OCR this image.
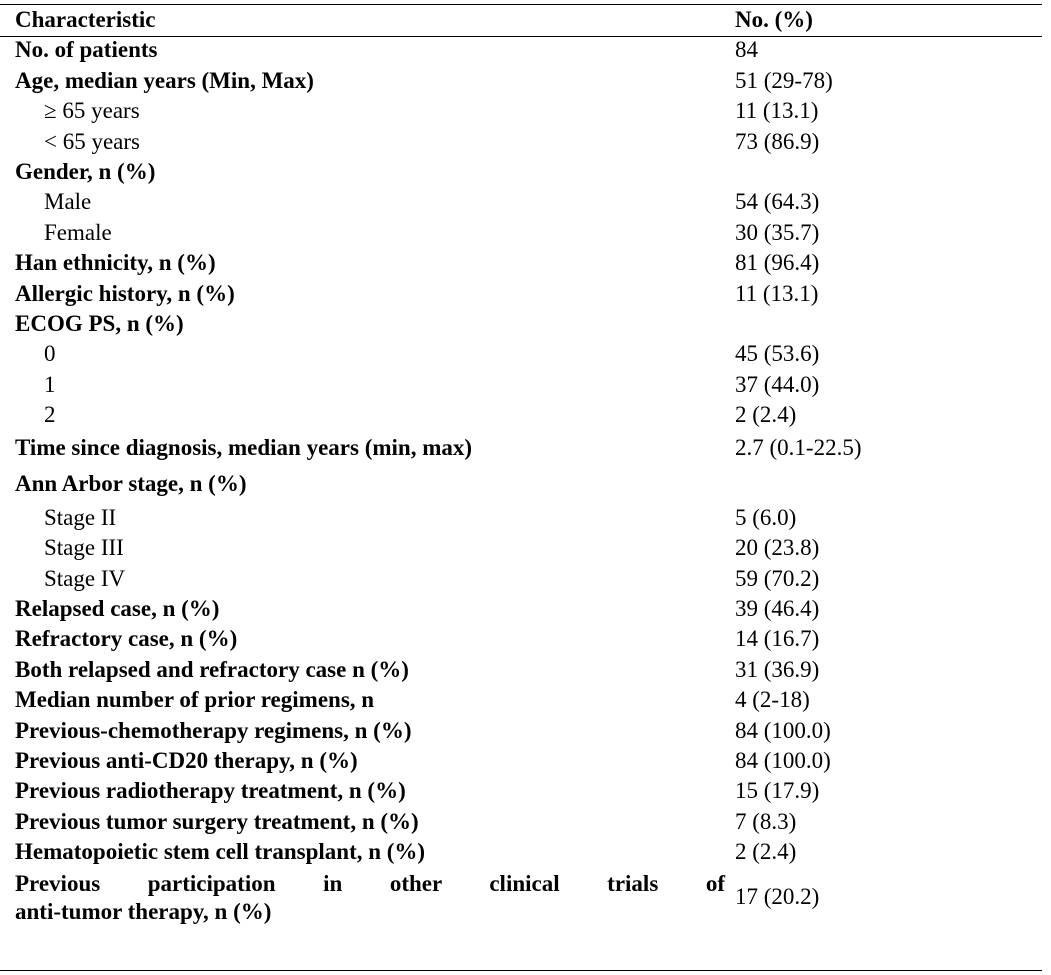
Characteristic	No. (%)
No. of patients	84
Age, median years (Min, Max)	51 (29-78)
≥ 65 years	11 (13.1)
< 65 years	73 (86.9)
Gender, n (%)	
Male	54 (64.3)
Female	30 (35.7)
Han ethnicity, n (%)	81 (96.4)
Allergic history, n (%)	11 (13.1)
ECOG PS, n (%)	
0	45 (53.6)
1	37 (44.0)
2	2 (2.4)
Time since diagnosis, median years (min, max)	2.7 (0.1-22.5)
Ann Arbor stage, n (%)	
Stage II	5 (6.0)
Stage III	20 (23.8)
Stage IV	59 (70.2)
Relapsed case, n (%)	39 (46.4)
Refractory case, n (%)	14 (16.7)
Both relapsed and refractory case n (%)	31 (36.9)
Median number of prior regimens, n	4 (2-18)
Previous-chemotherapy regimens, n (%)	84 (100.0)
Previous anti-CD20 therapy, n (%)	84 (100.0)
Previous radiotherapy treatment, n (%)	15 (17.9)
Previous tumor surgery treatment, n (%)	7 (8.3)
Hematopoietic stem cell transplant, n (%)	2 (2.4)

Previous participation in other clinical trials of
anti-tumor therapy, n (%)	17 (20.2)
